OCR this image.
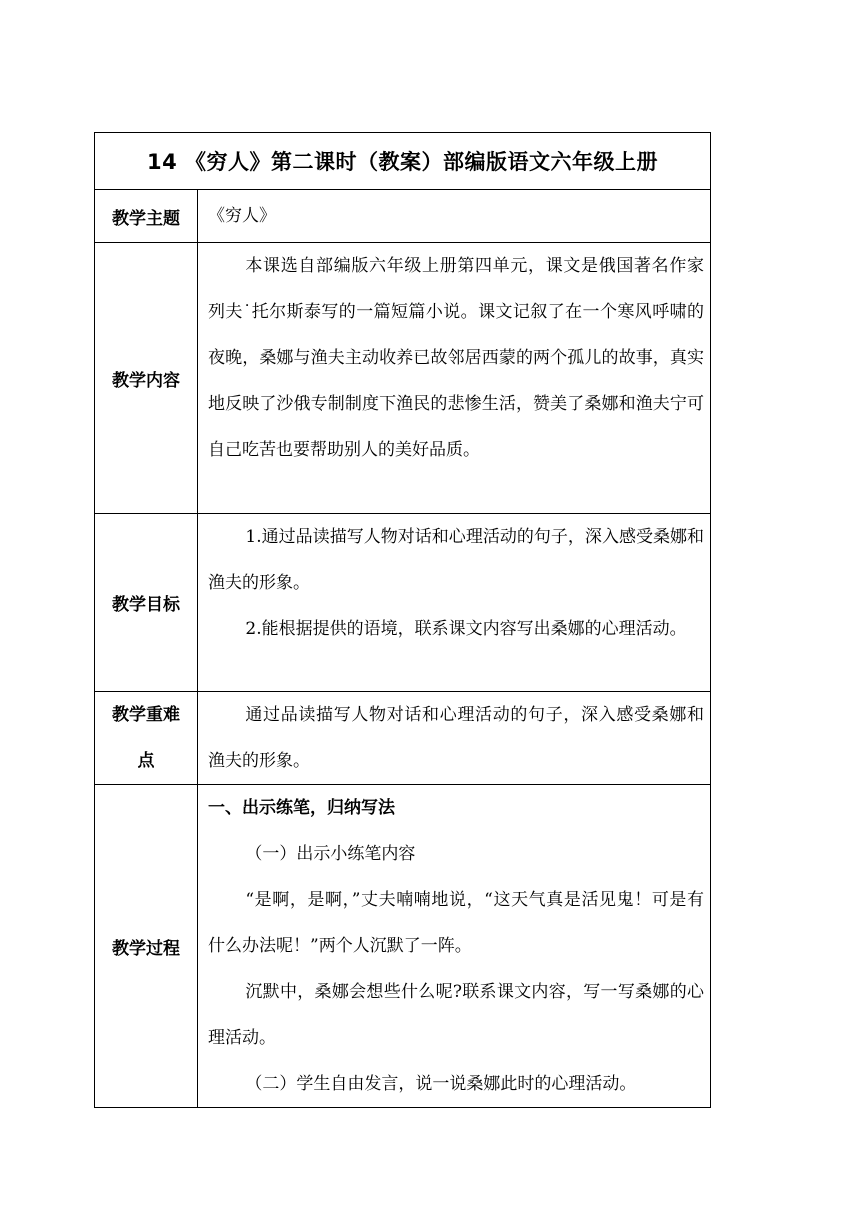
14 《穷人》第二课时（教案）部编版语文六年级上册	
教学主题	《穷人》

教学内容	本课选自部编版六年级上册第四单元，课文是俄国著名作家列夫˙托尔斯泰写的一篇短篇小说。课文记叙了在一个寒风呼啸的夜晚，桑娜与渔夫主动收养已故邻居西蒙的两个孤儿的故事，真实地反映了沙俄专制制度下渔民的悲惨生活，赞美了桑娜和渔夫宁可自己吃苦也要帮助别人的美好品质。

教学目标	1.通过品读描写人物对话和心理活动的句子，深入感受桑娜和渔夫的形象。

2.能根据提供的语境，联系课文内容写出桑娜的心理活动。

教学重难
点	通过品读描写人物对话和心理活动的句子，深入感受桑娜和渔夫的形象。

教学过程	一、出示练笔，归纳写法

（一）出示小练笔内容

“是啊，是啊，”丈夫喃喃地说，“这天气真是活见鬼！可是有什么办法呢！”两个人沉默了一阵。

沉默中，桑娜会想些什么呢?联系课文内容，写一写桑娜的心理活动。

（二）学生自由发言，说一说桑娜此时的心理活动。
